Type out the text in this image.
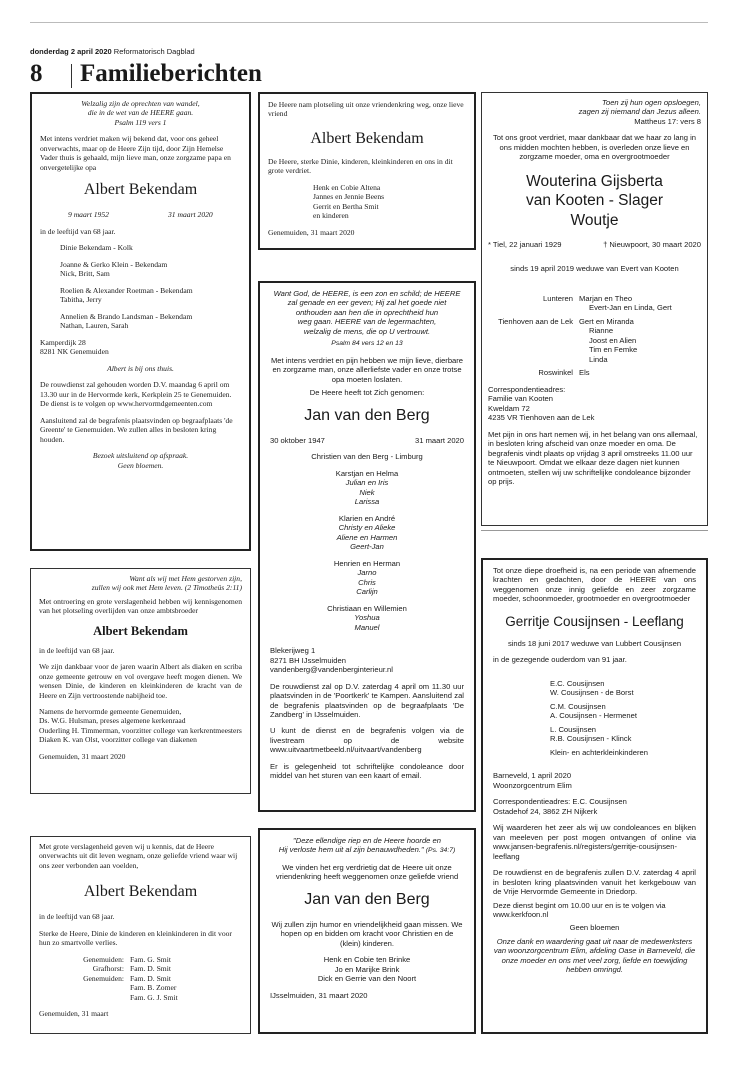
donderdag 2 april 2020 Reformatorisch Dagblad
8 Familieberichten

Welzalig zijn de oprechten van wandel,

die in de wet van de HEERE gaan.

Psalm 119 vers 1

Met intens verdriet maken wij bekend dat, voor ons geheel onverwachts, maar op de Heere Zijn tijd, door Zijn Hemelse Vader thuis is gehaald, mijn lieve man, onze zorgzame papa en onvergetelijke opa

Albert Bekendam
9 maart 1952	31 maart 2020

in de leeftijd van 68 jaar.

Dinie Bekendam - Kolk

Joanne & Gerko Klein - Bekendam

Nick, Britt, Sam

Roelien & Alexander Roetman - Bekendam

Tabitha, Jerry

Annelien & Brando Landsman - Bekendam

Nathan, Lauren, Sarah

Kamperdijk 28

8281 NK Genemuiden

Albert is bij ons thuis.

De rouwdienst zal gehouden worden D.V. maandag 6 april om 13.30 uur in de Hervormde kerk, Kerkplein 25 te Genemuiden. De dienst is te volgen op www.hervormdgemeenten.com

Aansluitend zal de begrafenis plaatsvinden op begraafplaats 'de Greente' te Genemuiden. We zullen alles in besloten kring houden.

Bezoek uitsluitend op afspraak.

Geen bloemen.

De Heere nam plotseling uit onze vriendenkring weg, onze lieve vriend

Albert Bekendam

De Heere, sterke Dinie, kinderen, kleinkinderen en ons in dit grote verdriet.

Henk en Cobie Altena

Jannes en Jennie Beens

Gerrit en Bertha Smit

en kinderen

Genemuiden, 31 maart 2020

Toen zij hun ogen opsloegen,

zagen zij niemand dan Jezus alleen.

Mattheus 17: vers 8

Tot ons groot verdriet, maar dankbaar dat we haar zo lang in ons midden mochten hebben, is overleden onze lieve en zorgzame moeder, oma en overgrootmoeder

Wouterina Gijsberta

van Kooten - Slager

Woutje

* Tiel, 22 januari 1929	† Nieuwpoort, 30 maart 2020

sinds 19 april 2019 weduwe van Evert van Kooten

Lunteren Marjan en Theo

Evert-Jan en Linda, Gert

Tienhoven aan de Lek Gert en Miranda

Rianne

Joost en Alien

Tim en Femke

Linda

Roswinkel Els

Correspondentieadres:

Familie van Kooten

Kweldam 72

4235 VR Tienhoven aan de Lek

Met pijn in ons hart nemen wij, in het belang van ons allemaal, in besloten kring afscheid van onze moeder en oma. De begrafenis vindt plaats op vrijdag 3 april omstreeks 11.00 uur te Nieuwpoort. Omdat we elkaar deze dagen niet kunnen ontmoeten, stellen wij uw schriftelijke condoleance bijzonder op prijs.

Want God, de HEERE, is een zon en schild; de HEERE

zal genade en eer geven; Hij zal het goede niet

onthouden aan hen die in oprechtheid hun

weg gaan. HEERE van de legermachten,

welzalig de mens, die op U vertrouwt.

Psalm 84 vers 12 en 13

Met intens verdriet en pijn hebben we mijn lieve, dierbare en zorgzame man, onze allerliefste vader en onze trotse opa moeten loslaten.

De Heere heeft tot Zich genomen:

Jan van den Berg
30 oktober 1947	31 maart 2020

Christien van den Berg - Limburg

Karstjan en Helma

Julian en Iris

Niek

Larissa

Klarien en André

Christy en Alieke

Aliene en Harmen

Geert-Jan

Henrien en Herman

Jarno

Chris

Carlijn

Christiaan en Willemien

Yoshua

Manuel

Blekerijweg 1

8271 BH IJsselmuiden

vandenberg@vandenberginterieur.nl

De rouwdienst zal op D.V. zaterdag 4 april om 11.30 uur plaatsvinden in de 'Poortkerk' te Kampen. Aansluitend zal de begrafenis plaatsvinden op de begraafplaats 'De Zandberg' in IJsselmuiden.

U kunt de dienst en de begrafenis volgen via de livestream op de website www.uitvaartmetbeeld.nl/uitvaart/vandenberg

Er is gelegenheid tot schriftelijke condoleance door middel van het sturen van een kaart of email.

Want als wij met Hem gestorven zijn,

zullen wij ook met Hem leven. (2 Timotheüs 2:11)

Met ontroering en grote verslagenheid hebben wij kennisgenomen van het plotseling overlijden van onze ambtsbroeder

Albert Bekendam

in de leeftijd van 68 jaar.

We zijn dankbaar voor de jaren waarin Albert als diaken en scriba onze gemeente getrouw en vol overgave heeft mogen dienen. We wensen Dinie, de kinderen en kleinkinderen de kracht van de Heere en Zijn vertroostende nabijheid toe.

Namens de hervormde gemeente Genemuiden,

Ds. W.G. Hulsman, preses algemene kerkenraad

Ouderling H. Timmerman, voorzitter college van kerkrentmeesters

Diaken K. van Olst, voorzitter college van diakenen

Genemuiden, 31 maart 2020

Met grote verslagenheid geven wij u kennis, dat de Heere onverwachts uit dit leven wegnam, onze geliefde vriend waar wij ons zeer verbonden aan voelden,

Albert Bekendam

in de leeftijd van 68 jaar.

Sterke de Heere, Dinie de kinderen en kleinkinderen in dit voor hun zo smartvolle verlies.

Genemuiden: Fam. G. Smit
Grafhorst: Fam. D. Smit
Genemuiden: Fam. D. Smit
Fam. B. Zomer
Fam. G. J. Smit

Genemuiden, 31 maart

"Deze ellendige riep en de Heere hoorde en

Hij verloste hem uit al zijn benauwdheden." (Ps. 34:7)

We vinden het erg verdrietig dat de Heere uit onze vriendenkring heeft weggenomen onze geliefde vriend

Jan van den Berg

Wij zullen zijn humor en vriendelijkheid gaan missen. We hopen op en bidden om kracht voor Christien en de (klein) kinderen.

Henk en Cobie ten Brinke

Jo en Marijke Brink

Dick en Gerrie van den Noort

IJsselmuiden, 31 maart 2020

Tot onze diepe droefheid is, na een periode van afnemende krachten en gedachten, door de HEERE van ons weggenomen onze innig geliefde en zeer zorgzame moeder, schoonmoeder, grootmoeder en overgrootmoeder

Gerritje Cousijnsen - Leeflang

sinds 18 juni 2017 weduwe van Lubbert Cousijnsen

in de gezegende ouderdom van 91 jaar.

E.C. Cousijnsen

W. Cousijnsen - de Borst

C.M. Cousijnsen

A. Cousijnsen - Hermenet

L. Cousijnsen

R.B. Cousijnsen - Klinck

Klein- en achterkleinkinderen

Barneveld, 1 april 2020

Woonzorgcentrum Elim

Correspondentieadres: E.C. Cousijnsen

Ostadehof 24, 3862 ZH Nijkerk

Wij waarderen het zeer als wij uw condoleances en blijken van meeleven per post mogen ontvangen of online via www.jansen-begrafenis.nl/registers/gerritje-cousijnsen-leeflang

De rouwdienst en de begrafenis zullen D.V. zaterdag 4 april in besloten kring plaatsvinden vanuit het kerkgebouw van de Vrije Hervormde Gemeente in Driedorp.

Deze dienst begint om 10.00 uur en is te volgen via www.kerkfoon.nl

Geen bloemen

Onze dank en waardering gaat uit naar de medewerksters van woonzorgcentrum Elim, afdeling Oase in Barneveld, die onze moeder en ons met veel zorg, liefde en toewijding hebben omringd.
